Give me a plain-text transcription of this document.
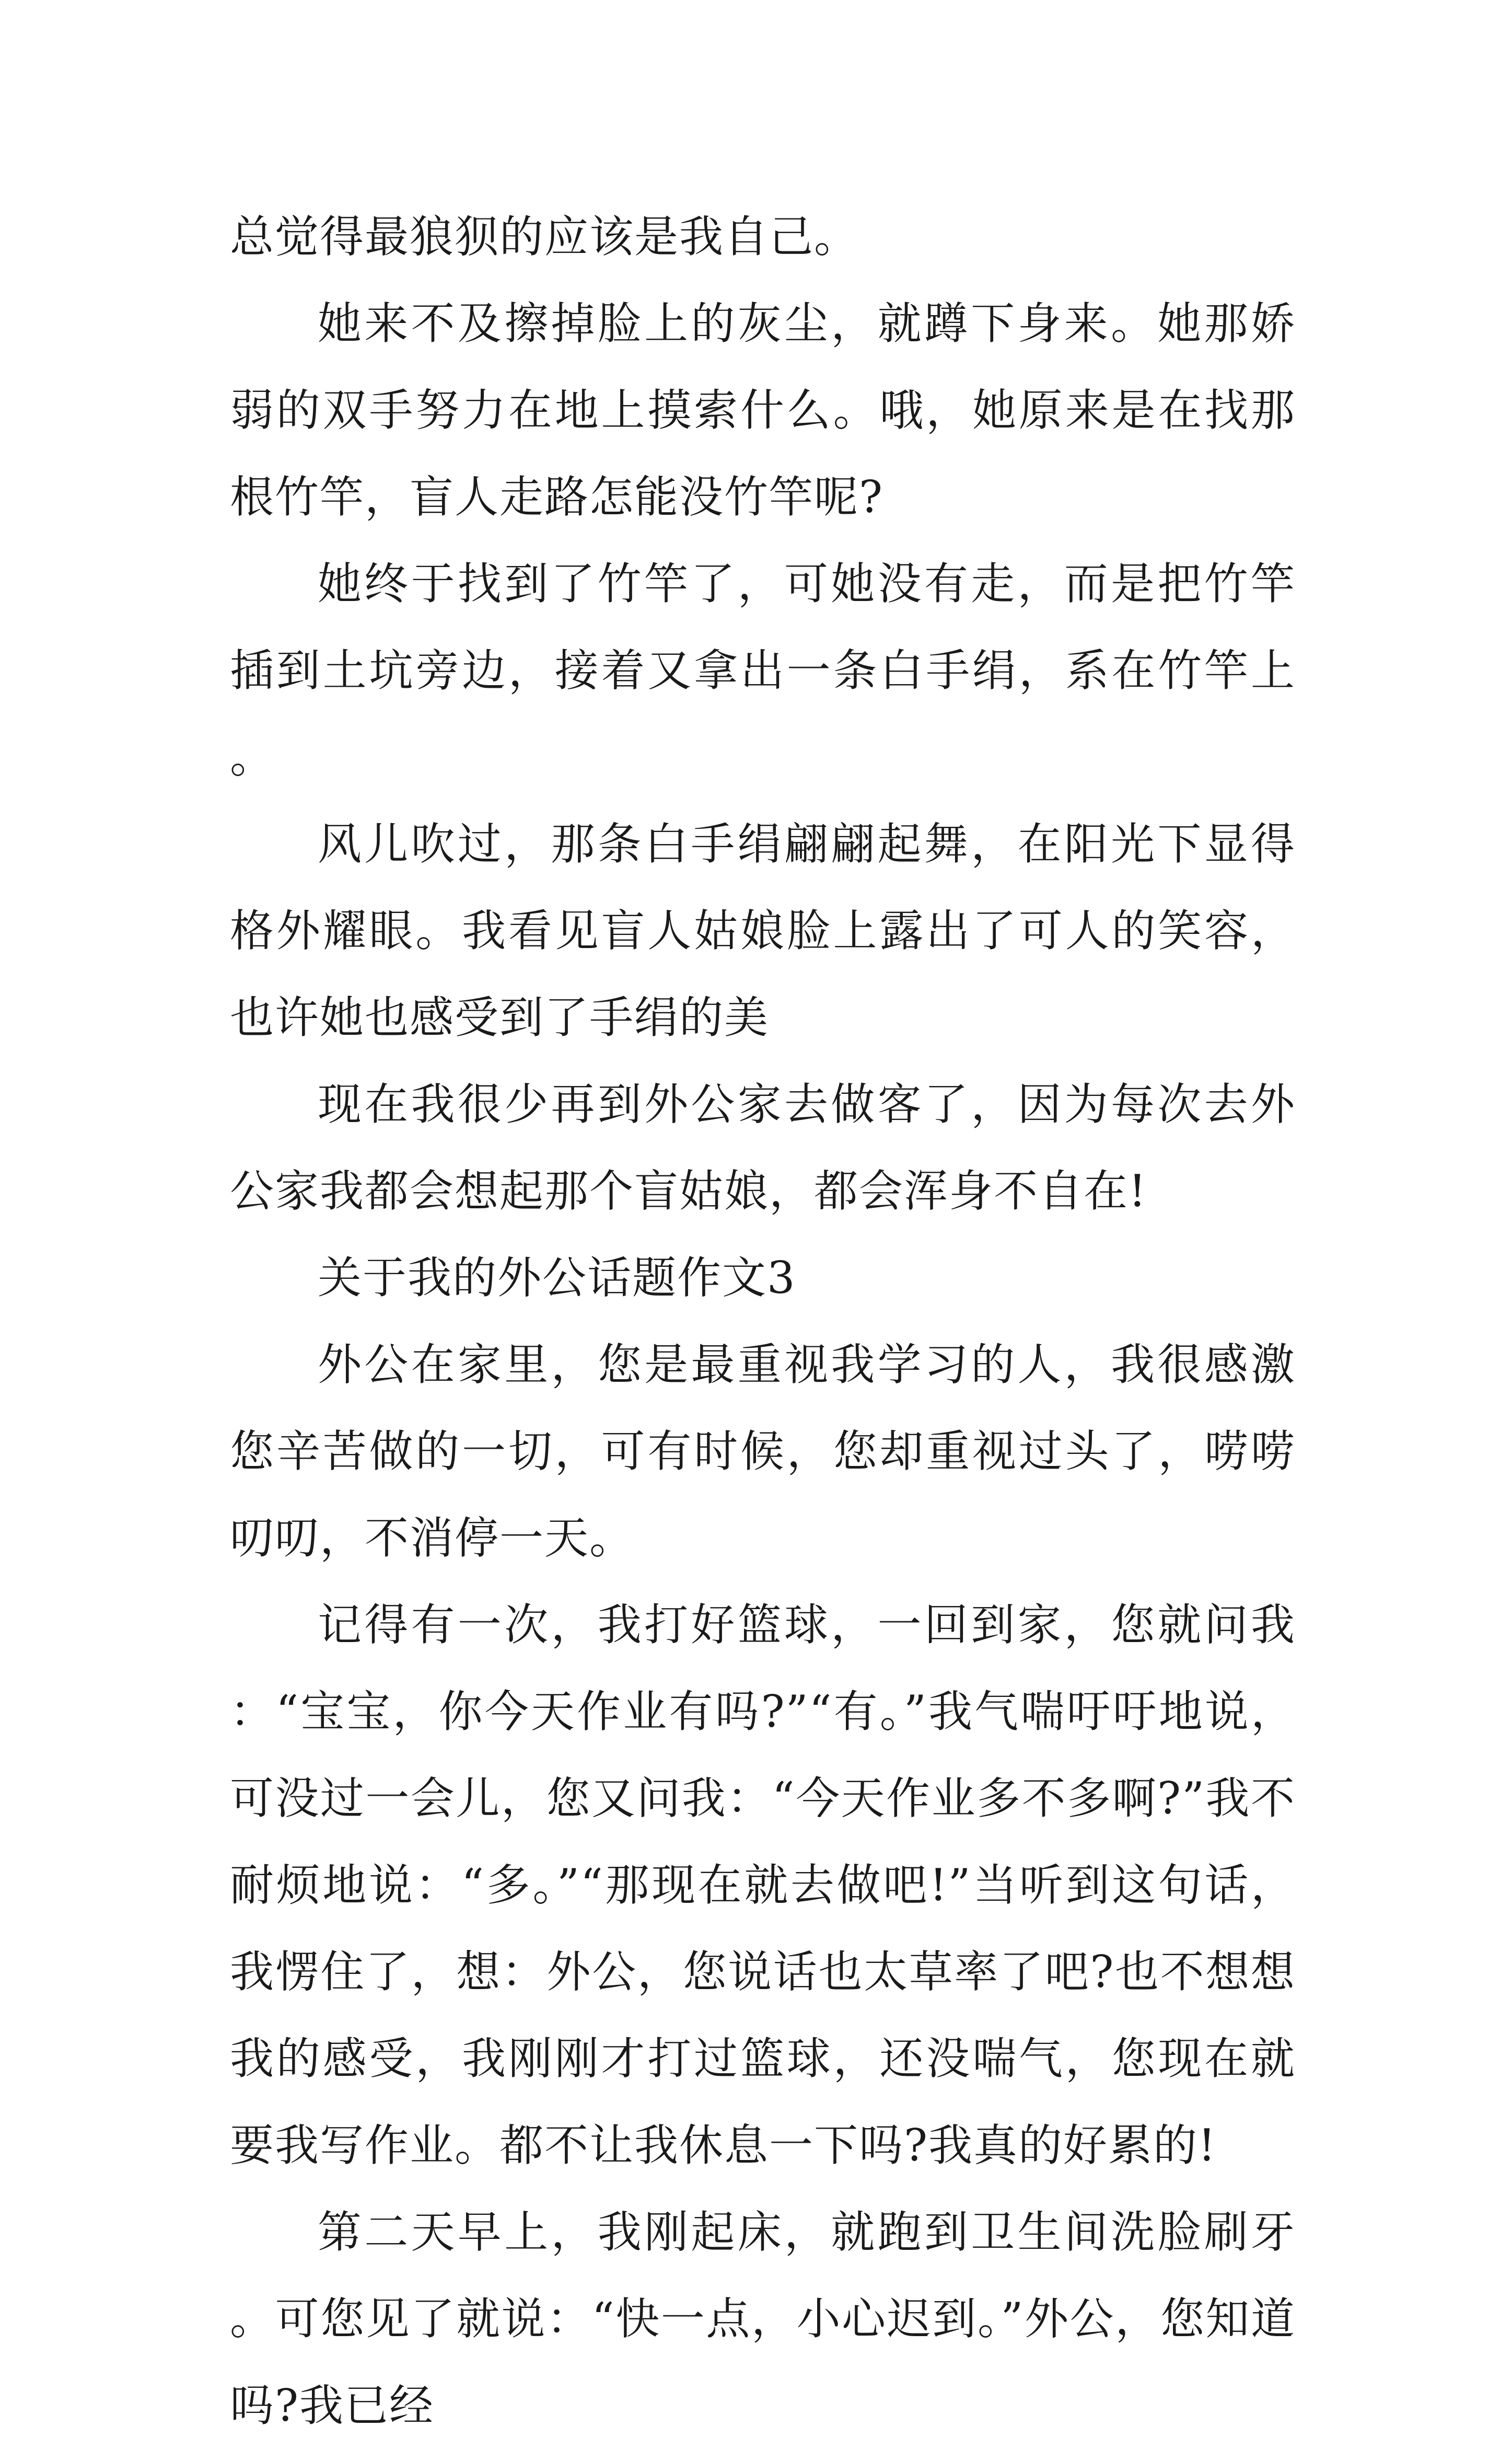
总觉得最狼狈的应该是我自己。

她来不及擦掉脸上的灰尘，就蹲下身来。她那娇弱的双手努力在地上摸索什么。哦，她原来是在找那根竹竿，盲人走路怎能没竹竿呢?

她终于找到了竹竿了，可她没有走，而是把竹竿插到土坑旁边，接着又拿出一条白手绢，系在竹竿上。

风儿吹过，那条白手绢翩翩起舞，在阳光下显得格外耀眼。我看见盲人姑娘脸上露出了可人的笑容，也许她也感受到了手绢的美

现在我很少再到外公家去做客了，因为每次去外公家我都会想起那个盲姑娘，都会浑身不自在!

关于我的外公话题作文3

外公在家里，您是最重视我学习的人，我很感激您辛苦做的一切，可有时候，您却重视过头了，唠唠叨叨，不消停一天。

记得有一次，我打好篮球，一回到家，您就问我：“宝宝，你今天作业有吗?”“有。”我气喘吁吁地说，可没过一会儿，您又问我：“今天作业多不多啊?”我不耐烦地说：“多。”“那现在就去做吧!”当听到这句话，我愣住了，想：外公，您说话也太草率了吧?也不想想我的感受，我刚刚才打过篮球，还没喘气，您现在就要我写作业。都不让我休息一下吗?我真的好累的!

第二天早上，我刚起床，就跑到卫生间洗脸刷牙。可您见了就说：“快一点，小心迟到。”外公，您知道吗?我已经
